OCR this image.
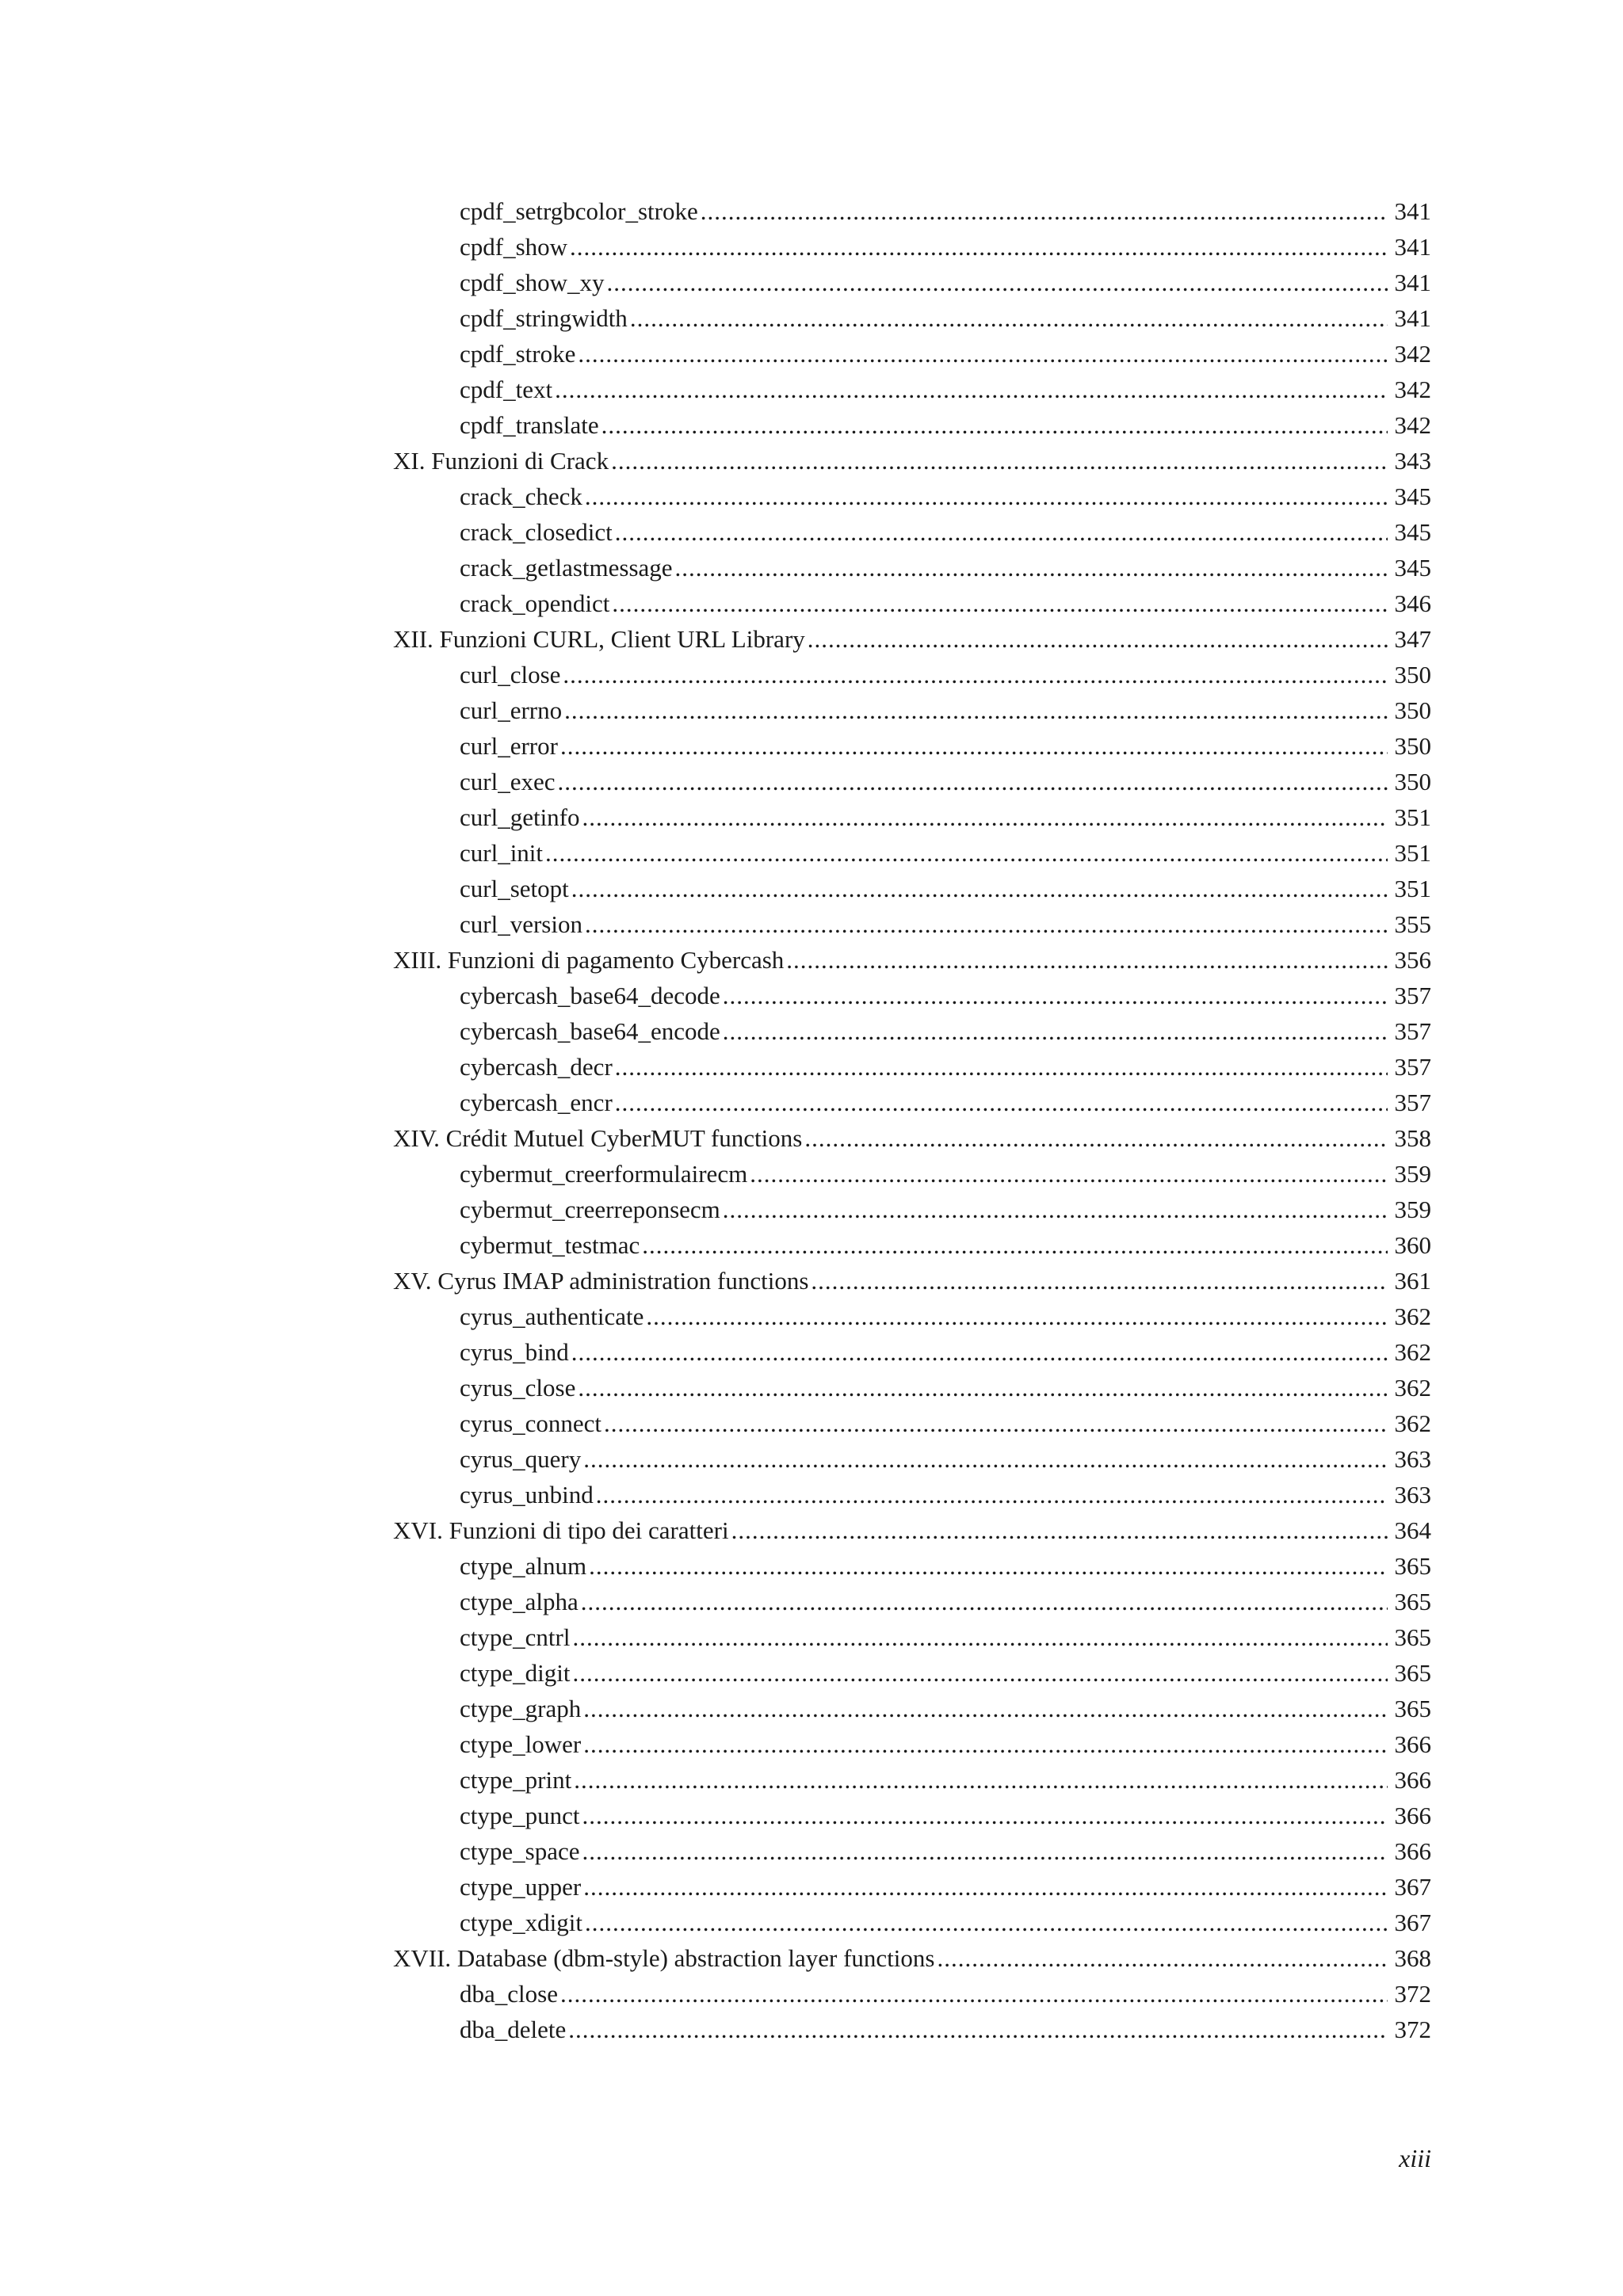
cpdf_setrgbcolor_stroke .....	341
cpdf_show .....	341
cpdf_show_xy .....	341
cpdf_stringwidth .....	341
cpdf_stroke .....	342
cpdf_text .....	342
cpdf_translate .....	342
XI. Funzioni di Crack .....	343
crack_check .....	345
crack_closedict .....	345
crack_getlastmessage .....	345
crack_opendict .....	346
XII. Funzioni CURL, Client URL Library .....	347
curl_close .....	350
curl_errno .....	350
curl_error .....	350
curl_exec .....	350
curl_getinfo .....	351
curl_init .....	351
curl_setopt .....	351
curl_version .....	355
XIII. Funzioni di pagamento Cybercash .....	356
cybercash_base64_decode .....	357
cybercash_base64_encode .....	357
cybercash_decr .....	357
cybercash_encr .....	357
XIV. Crédit Mutuel CyberMUT functions .....	358
cybermut_creerformulairecm .....	359
cybermut_creerreponsecm .....	359
cybermut_testmac .....	360
XV. Cyrus IMAP administration functions .....	361
cyrus_authenticate .....	362
cyrus_bind .....	362
cyrus_close .....	362
cyrus_connect .....	362
cyrus_query .....	363
cyrus_unbind .....	363
XVI. Funzioni di tipo dei caratteri .....	364
ctype_alnum .....	365
ctype_alpha .....	365
ctype_cntrl .....	365
ctype_digit .....	365
ctype_graph .....	365
ctype_lower .....	366
ctype_print .....	366
ctype_punct .....	366
ctype_space .....	366
ctype_upper .....	367
ctype_xdigit .....	367
XVII. Database (dbm-style) abstraction layer functions .....	368
dba_close .....	372
dba_delete .....	372
xiii
